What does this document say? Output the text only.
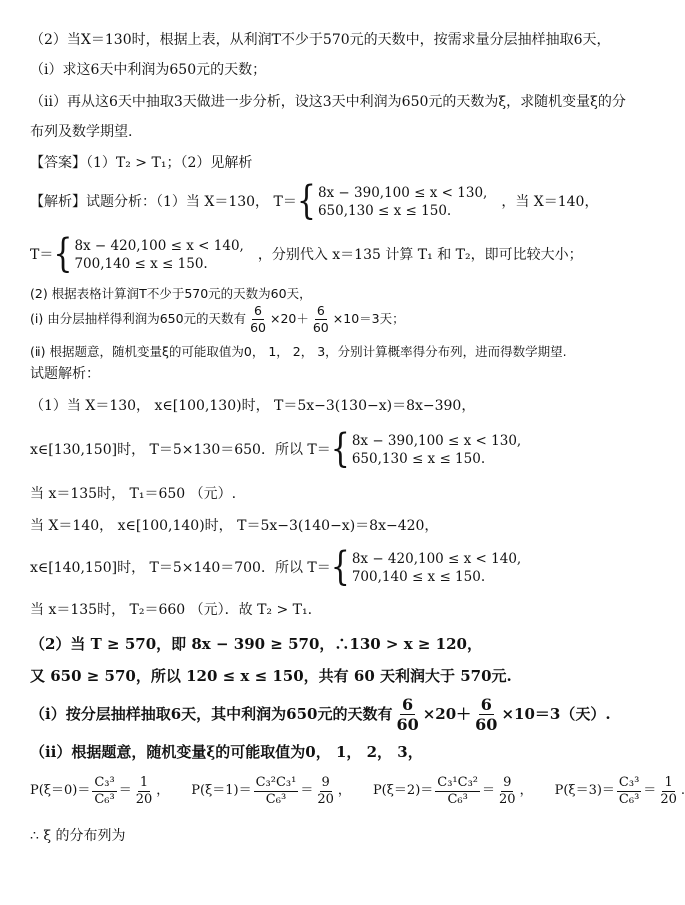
（2）当X＝130时，根据上表，从利润T不少于570元的天数中，按需求量分层抽样抽取6天，
（ⅰ）求这6天中利润为650元的天数；
（ⅱ）再从这6天中抽取3天做进一步分析，设这3天中利润为650元的天数为ξ，求随机变量ξ的分
布列及数学期望.
【答案】（1）T₂ > T₁；（2）见解析
【解析】试题分析：（1）当 X＝130， T＝ { 8x − 390,100 ≤ x < 130,
650,130 ≤ x ≤ 150.
，当 X＝140，
T＝ { 8x − 420,100 ≤ x < 140,
700,140 ≤ x ≤ 150.
，分别代入 x＝135 计算 T₁ 和 T₂，即可比较大小；
(2) 根据表格计算润T不少于570元的天数为60天，
(ⅰ) 由分层抽样得利润为650元的天数有 $\frac{6}{60} \times 20+ \frac{6}{60} \times 10=3$天；
(ⅱ) 根据题意，随机变量ξ的可能取值为0， 1， 2， 3，分别计算概率得分布列，进而得数学期望.
试题解析：
（1）当 X＝130， x∈[100,130)时， T＝5x−3(130−x)＝8x−390，
x∈[130,150]时， T＝5×130＝650．所以 T＝ { 8x − 390,100 ≤ x < 130,
650,130 ≤ x ≤ 150.
当 x＝135时， T₁＝650 （元）.
当 X＝140， x∈[100,140)时， T＝5x−3(140−x)＝8x−420，
x∈[140,150]时， T＝5×140＝700．所以 T＝ { 8x − 420,100 ≤ x < 140,
700,140 ≤ x ≤ 150.
当 x＝135时， T₂＝660 （元）．故 T₂ > T₁.
（2）当 T ≥ 570，即 8x − 390 ≥ 570，∴130 > x ≥ 120，
又 650 ≥ 570，所以 120 ≤ x ≤ 150，共有 60 天利润大于 570元.
（ⅰ）按分层抽样抽取6天，其中利润为650元的天数有 $\frac{6}{60} \times 20+ \frac{6}{60} \times 10=3$（天）.
（ⅱ）根据题意，随机变量ξ的可能取值为0， 1， 2， 3，
$P(\xi=0)= \frac{\text{C₃³}}{\text{C₆³}} = \frac{1}{20}$ ， $P(\xi=1)= \frac{\text{C₃²C₃¹}}{\text{C₆³}} = \frac{9}{20}$ ， $P(\xi=2)= \frac{\text{C₃¹C₃²}}{\text{C₆³}} = \frac{9}{20}$ ， $P(\xi=3)= \frac{\text{C₃³}}{\text{C₆³}} = \frac{1}{20}$ .
∴ ξ 的分布列为
